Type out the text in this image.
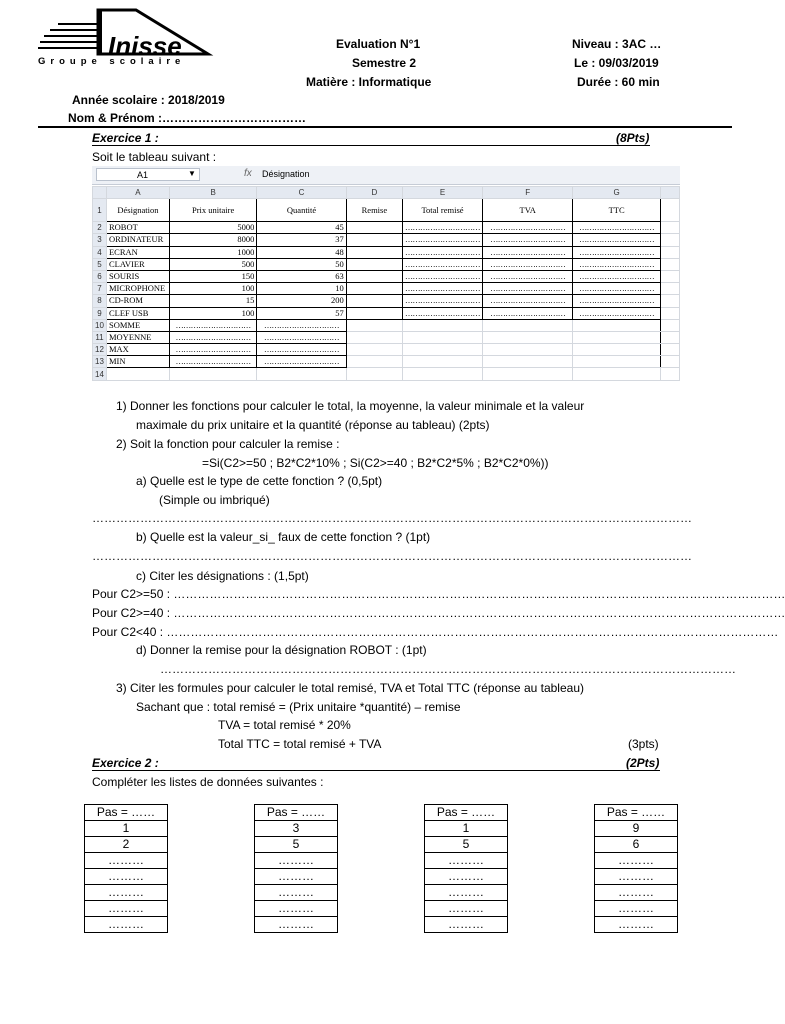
Inisse
Groupe scolaire
Evaluation N°1
Semestre 2
Matière : Informatique
Niveau : 3AC …
Le : 09/03/2019
Durée : 60 min
Année scolaire : 2018/2019
Nom & Prénom :………………………………
Exercice 1 :	(8Pts)
Soit le tableau suivant :
A1	▼	fx Désignation
	A	B	C	D	E	F	G	
1	Désignation	Prix unitaire	Quantité	Remise	Total remisé	TVA	TTC	
2	ROBOT	5000	45		…………………………	…………………………	…………………………	
3	ORDINATEUR	8000	37		…………………………	…………………………	…………………………	
4	ECRAN	1000	48		…………………………	…………………………	…………………………	
5	CLAVIER	500	50		…………………………	…………………………	…………………………	
6	SOURIS	150	63		…………………………	…………………………	…………………………	
7	MICROPHONE	100	10		…………………………	…………………………	…………………………	
8	CD-ROM	15	200		…………………………	…………………………	…………………………	
9	CLEF USB	100	57		…………………………	…………………………	…………………………	
10	SOMME	…………………………	…………………………					
11	MOYENNE	…………………………	…………………………					
12	MAX	…………………………	…………………………					
13	MIN	…………………………	…………………………					
14								
1) Donner les fonctions pour calculer le total, la moyenne, la valeur minimale et la valeur
maximale du prix unitaire et la quantité (réponse au tableau) (2pts)
2) Soit la fonction pour calculer la remise :
=Si(C2>=50 ; B2*C2*10% ; Si(C2>=40 ; B2*C2*5% ; B2*C2*0%))
a) Quelle est le type de cette fonction ? (0,5pt)
(Simple ou imbriqué)
……………………………………………………………………………………………………………………………………
b) Quelle est la valeur_si_ faux de cette fonction ? (1pt)
……………………………………………………………………………………………………………………………………
c) Citer les désignations : (1,5pt)
Pour C2>=50 : ………………………………………………………………………………………………………………………………………
Pour C2>=40 : ………………………………………………………………………………………………………………………………………
Pour C2<40 : ………………………………………………………………………………………………………………………………………
d) Donner la remise pour la désignation ROBOT : (1pt)
………………………………………………………………………………………………………………………………
3) Citer les formules pour calculer le total remisé, TVA et Total TTC (réponse au tableau)
Sachant que : total remisé = (Prix unitaire *quantité) – remise
TVA = total remisé * 20%
Total TTC = total remisé + TVA	(3pts)
Exercice 2 :	(2Pts)
Compléter les listes de données suivantes :
Pas = ……
1
2
………
………
………
………
………
Pas = ……
3
5
………
………
………
………
………
Pas = ……
1
5
………
………
………
………
………
Pas = ……
9
6
………
………
………
………
………
